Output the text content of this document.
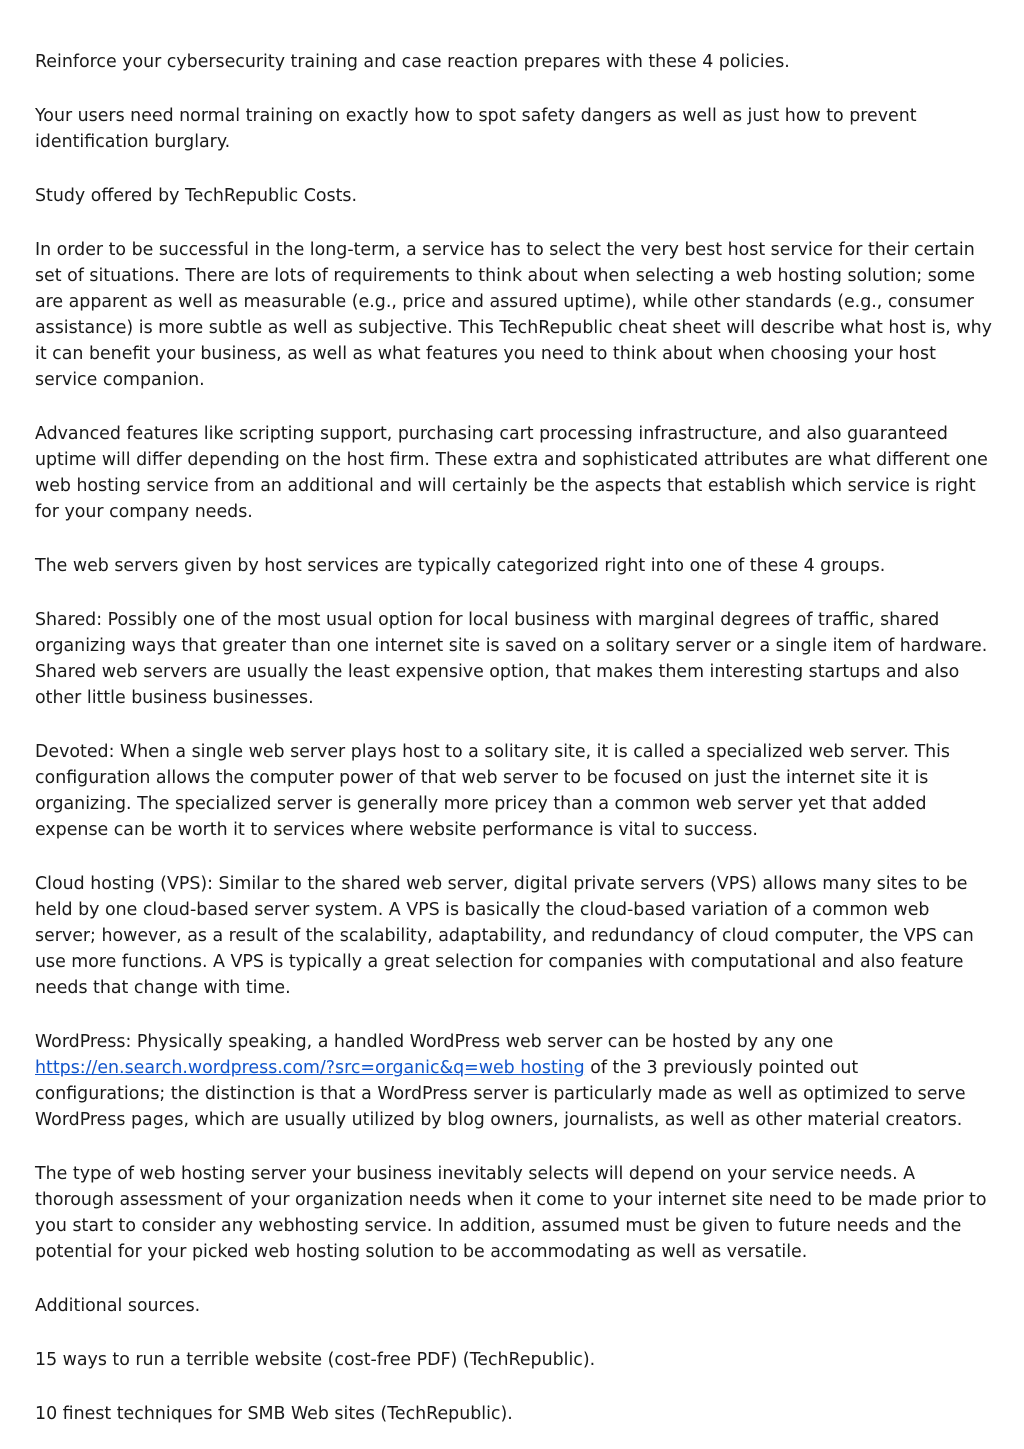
Reinforce your cybersecurity training and case reaction prepares with these 4 policies.

Your users need normal training on exactly how to spot safety dangers as well as just how to prevent identification burglary.

Study offered by TechRepublic Costs.

In order to be successful in the long-term, a service has to select the very best host service for their certain set of situations. There are lots of requirements to think about when selecting a web hosting solution; some are apparent as well as measurable (e.g., price and assured uptime), while other standards (e.g., consumer assistance) is more subtle as well as subjective. This TechRepublic cheat sheet will describe what host is, why it can benefit your business, as well as what features you need to think about when choosing your host service companion.

Advanced features like scripting support, purchasing cart processing infrastructure, and also guaranteed uptime will differ depending on the host firm. These extra and sophisticated attributes are what different one web hosting service from an additional and will certainly be the aspects that establish which service is right for your company needs.

The web servers given by host services are typically categorized right into one of these 4 groups.

Shared: Possibly one of the most usual option for local business with marginal degrees of traffic, shared organizing ways that greater than one internet site is saved on a solitary server or a single item of hardware. Shared web servers are usually the least expensive option, that makes them interesting startups and also other little business businesses.

Devoted: When a single web server plays host to a solitary site, it is called a specialized web server. This configuration allows the computer power of that web server to be focused on just the internet site it is organizing. The specialized server is generally more pricey than a common web server yet that added expense can be worth it to services where website performance is vital to success.

Cloud hosting (VPS): Similar to the shared web server, digital private servers (VPS) allows many sites to be held by one cloud-based server system. A VPS is basically the cloud-based variation of a common web server; however, as a result of the scalability, adaptability, and redundancy of cloud computer, the VPS can use more functions. A VPS is typically a great selection for companies with computational and also feature needs that change with time.

WordPress: Physically speaking, a handled WordPress web server can be hosted by any one https://en.search.wordpress.com/?src=organic&q=web hosting of the 3 previously pointed out configurations; the distinction is that a WordPress server is particularly made as well as optimized to serve WordPress pages, which are usually utilized by blog owners, journalists, as well as other material creators.

The type of web hosting server your business inevitably selects will depend on your service needs. A thorough assessment of your organization needs when it come to your internet site need to be made prior to you start to consider any webhosting service. In addition, assumed must be given to future needs and the potential for your picked web hosting solution to be accommodating as well as versatile.

Additional sources.

15 ways to run a terrible website (cost-free PDF) (TechRepublic).

10 finest techniques for SMB Web sites (TechRepublic).
